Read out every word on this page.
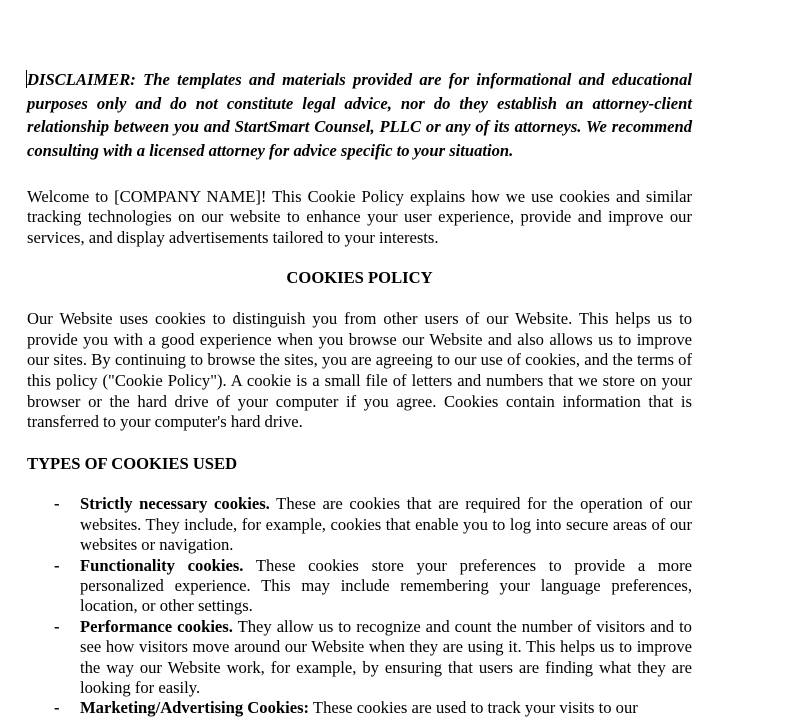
DISCLAIMER: The templates and materials provided are for informational and educational purposes only and do not constitute legal advice, nor do they establish an attorney-client relationship between you and StartSmart Counsel, PLLC or any of its attorneys. We recommend consulting with a licensed attorney for advice specific to your situation.

Welcome to [COMPANY NAME]! This Cookie Policy explains how we use cookies and similar tracking technologies on our website to enhance your user experience, provide and improve our services, and display advertisements tailored to your interests.

COOKIES POLICY

Our Website uses cookies to distinguish you from other users of our Website. This helps us to provide you with a good experience when you browse our Website and also allows us to improve our sites. By continuing to browse the sites, you are agreeing to our use of cookies, and the terms of this policy ("Cookie Policy"). A cookie is a small file of letters and numbers that we store on your browser or the hard drive of your computer if you agree. Cookies contain information that is transferred to your computer's hard drive.

TYPES OF COOKIES USED

- Strictly necessary cookies. These are cookies that are required for the operation of our websites. They include, for example, cookies that enable you to log into secure areas of our websites or navigation.
- Functionality cookies. These cookies store your preferences to provide a more personalized experience. This may include remembering your language preferences, location, or other settings.
- Performance cookies. They allow us to recognize and count the number of visitors and to see how visitors move around our Website when they are using it. This helps us to improve the way our Website work, for example, by ensuring that users are finding what they are looking for easily.
- Marketing/Advertising Cookies: These cookies are used to track your visits to our
